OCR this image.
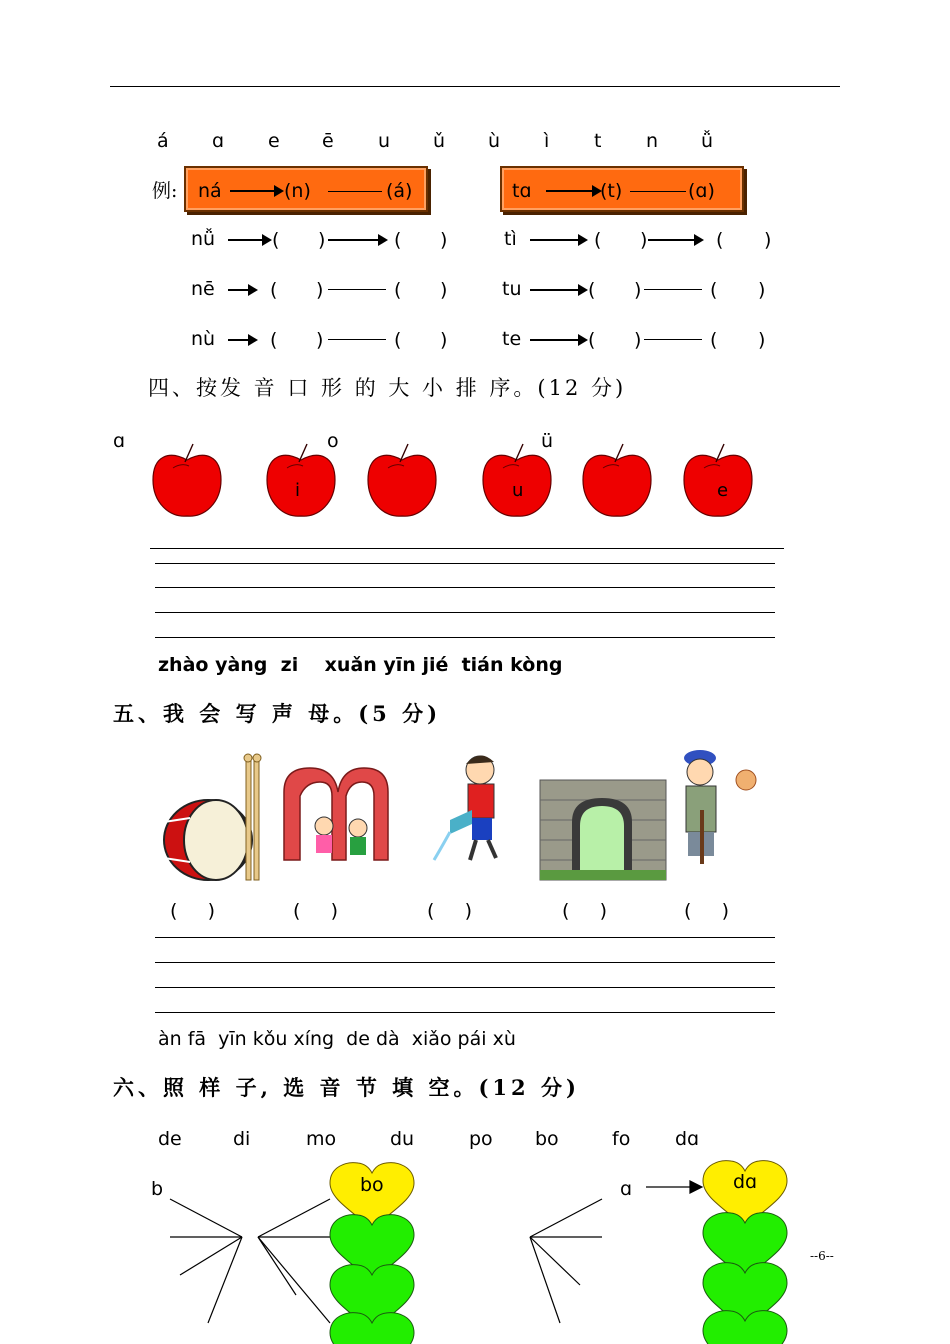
á ɑ e ē u ǔ ù ì t n ǚ
例: ná	(n)	(á)	tɑ	(t)	(ɑ)
nǚ	( )	( )
nē	( )	( )
nù	( )	( )
tì	( )	( )
tu	( )	( )
te	( )	( )
四、按发 音 口 形 的 大 小 排 序。(12 分)
ɑ	o	ü
i	u	e
zhào yàng  zi    xuǎn yīn jié  tián kòng
五、我 会 写 声 母。(5 分)
(     )	(     )	(     )	(     )	(     )
àn fā  yīn kǒu xíng  de dà  xiǎo pái xù
六、照 样 子, 选 音 节 填 空。(12 分)
de	di	mo	du	po bo	fo dɑ
b	ɑ
bo	dɑ
--6--
